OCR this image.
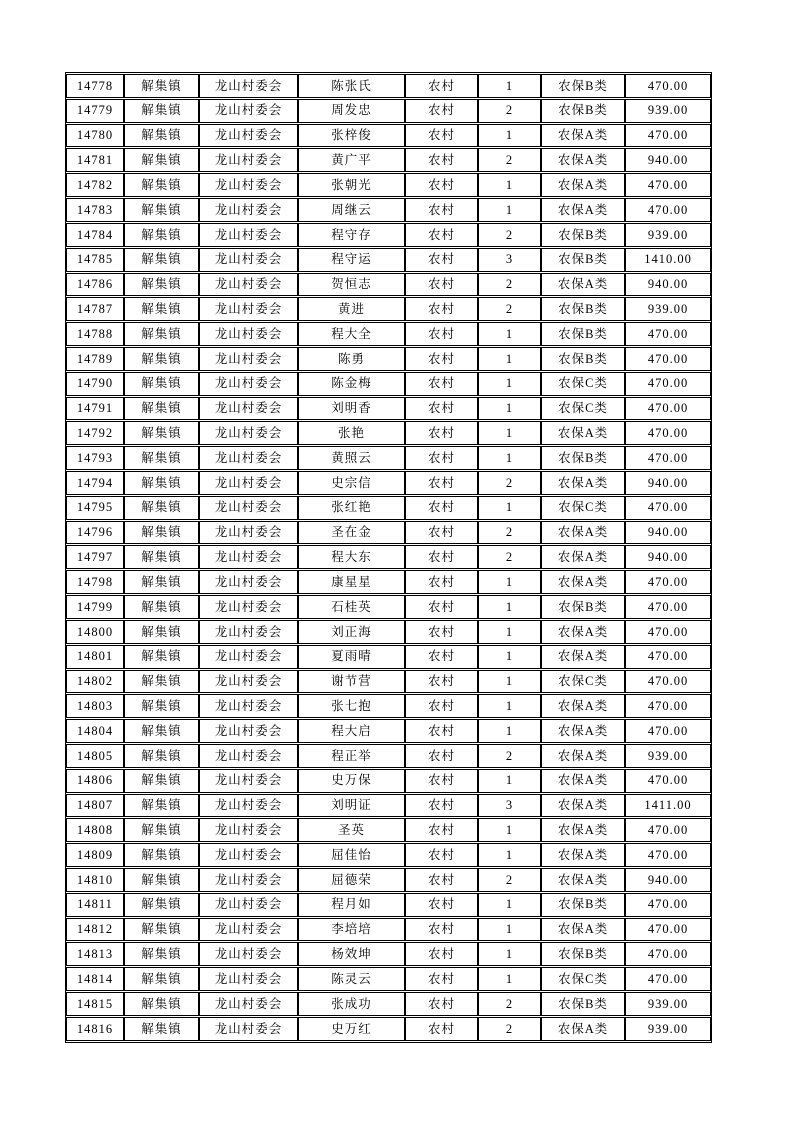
14778	解集镇	龙山村委会	陈张氏	农村	1	农保B类	470.00
14779	解集镇	龙山村委会	周发忠	农村	2	农保B类	939.00
14780	解集镇	龙山村委会	张梓俊	农村	1	农保A类	470.00
14781	解集镇	龙山村委会	黄广平	农村	2	农保A类	940.00
14782	解集镇	龙山村委会	张朝光	农村	1	农保A类	470.00
14783	解集镇	龙山村委会	周继云	农村	1	农保A类	470.00
14784	解集镇	龙山村委会	程守存	农村	2	农保B类	939.00
14785	解集镇	龙山村委会	程守运	农村	3	农保B类	1410.00
14786	解集镇	龙山村委会	贺恒志	农村	2	农保A类	940.00
14787	解集镇	龙山村委会	黄进	农村	2	农保B类	939.00
14788	解集镇	龙山村委会	程大全	农村	1	农保B类	470.00
14789	解集镇	龙山村委会	陈勇	农村	1	农保B类	470.00
14790	解集镇	龙山村委会	陈金梅	农村	1	农保C类	470.00
14791	解集镇	龙山村委会	刘明香	农村	1	农保C类	470.00
14792	解集镇	龙山村委会	张艳	农村	1	农保A类	470.00
14793	解集镇	龙山村委会	黄照云	农村	1	农保B类	470.00
14794	解集镇	龙山村委会	史宗信	农村	2	农保A类	940.00
14795	解集镇	龙山村委会	张红艳	农村	1	农保C类	470.00
14796	解集镇	龙山村委会	圣在金	农村	2	农保A类	940.00
14797	解集镇	龙山村委会	程大东	农村	2	农保A类	940.00
14798	解集镇	龙山村委会	康星星	农村	1	农保A类	470.00
14799	解集镇	龙山村委会	石桂英	农村	1	农保B类	470.00
14800	解集镇	龙山村委会	刘正海	农村	1	农保A类	470.00
14801	解集镇	龙山村委会	夏雨晴	农村	1	农保A类	470.00
14802	解集镇	龙山村委会	谢节营	农村	1	农保C类	470.00
14803	解集镇	龙山村委会	张七抱	农村	1	农保A类	470.00
14804	解集镇	龙山村委会	程大启	农村	1	农保A类	470.00
14805	解集镇	龙山村委会	程正举	农村	2	农保A类	939.00
14806	解集镇	龙山村委会	史万保	农村	1	农保A类	470.00
14807	解集镇	龙山村委会	刘明证	农村	3	农保A类	1411.00
14808	解集镇	龙山村委会	圣英	农村	1	农保A类	470.00
14809	解集镇	龙山村委会	屈佳怡	农村	1	农保A类	470.00
14810	解集镇	龙山村委会	屈德荣	农村	2	农保A类	940.00
14811	解集镇	龙山村委会	程月如	农村	1	农保B类	470.00
14812	解集镇	龙山村委会	李培培	农村	1	农保A类	470.00
14813	解集镇	龙山村委会	杨效坤	农村	1	农保B类	470.00
14814	解集镇	龙山村委会	陈灵云	农村	1	农保C类	470.00
14815	解集镇	龙山村委会	张成功	农村	2	农保B类	939.00
14816	解集镇	龙山村委会	史万红	农村	2	农保A类	939.00
